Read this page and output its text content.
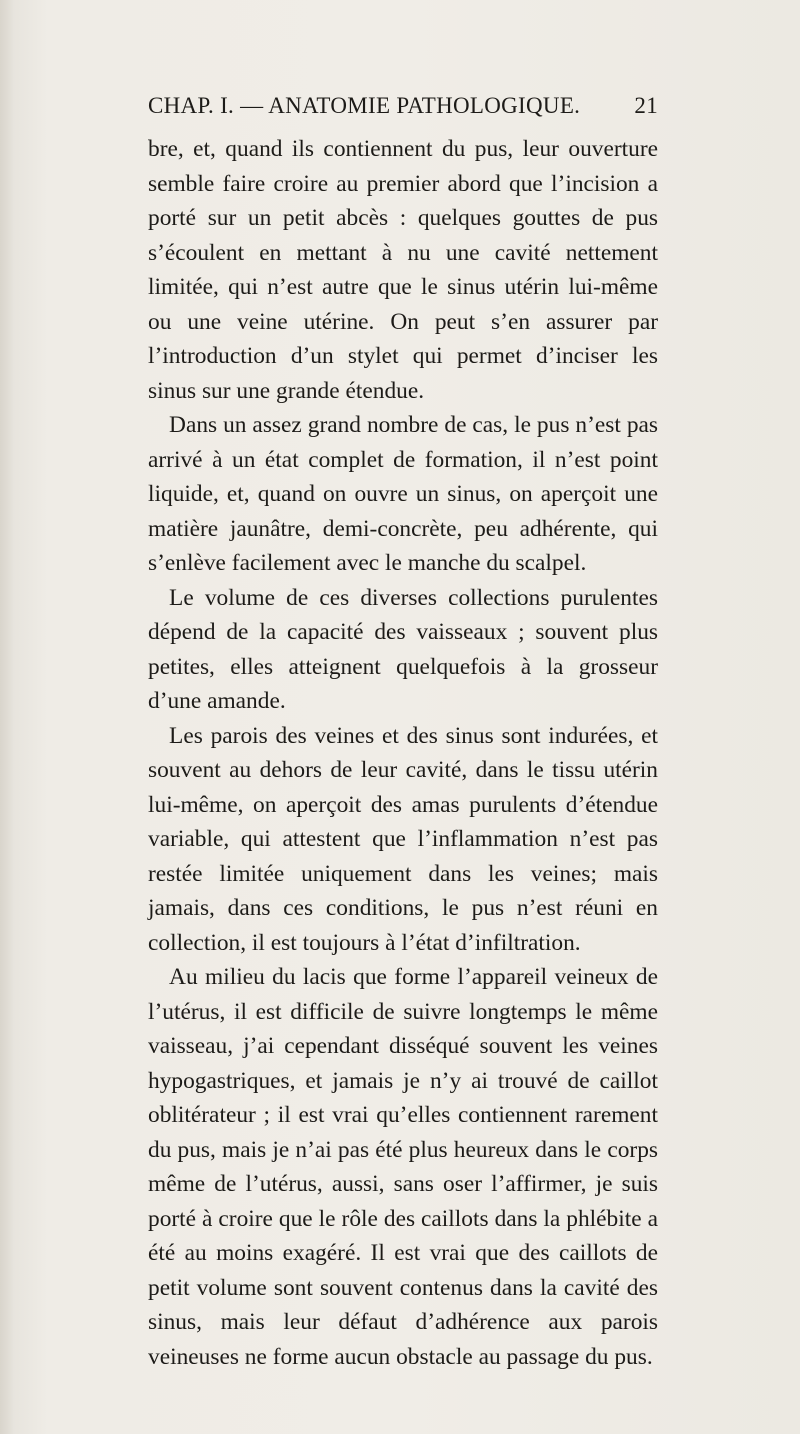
CHAP. I. — ANATOMIE PATHOLOGIQUE. 21

bre, et, quand ils contiennent du pus, leur ouverture semble faire croire au premier abord que l’incision a porté sur un petit abcès : quelques gouttes de pus s’écoulent en mettant à nu une cavité nettement limitée, qui n’est autre que le sinus utérin lui-même ou une veine utérine. On peut s’en assurer par l’introduction d’un stylet qui permet d’inciser les sinus sur une grande étendue.

Dans un assez grand nombre de cas, le pus n’est pas arrivé à un état complet de formation, il n’est point liquide, et, quand on ouvre un sinus, on aperçoit une matière jaunâtre, demi-concrète, peu adhérente, qui s’enlève facilement avec le manche du scalpel.

Le volume de ces diverses collections purulentes dépend de la capacité des vaisseaux ; souvent plus petites, elles atteignent quelquefois à la grosseur d’une amande.

Les parois des veines et des sinus sont indurées, et souvent au dehors de leur cavité, dans le tissu utérin lui-même, on aperçoit des amas purulents d’étendue variable, qui attestent que l’inflammation n’est pas restée limitée uniquement dans les veines; mais jamais, dans ces conditions, le pus n’est réuni en collection, il est toujours à l’état d’infiltration.

Au milieu du lacis que forme l’appareil veineux de l’utérus, il est difficile de suivre longtemps le même vaisseau, j’ai cependant disséqué souvent les veines hypogastriques, et jamais je n’y ai trouvé de caillot oblitérateur ; il est vrai qu’elles contiennent rarement du pus, mais je n’ai pas été plus heureux dans le corps même de l’utérus, aussi, sans oser l’affirmer, je suis porté à croire que le rôle des caillots dans la phlébite a été au moins exagéré. Il est vrai que des caillots de petit volume sont souvent contenus dans la cavité des sinus, mais leur défaut d’adhérence aux parois veineuses ne forme aucun obstacle au passage du pus.
